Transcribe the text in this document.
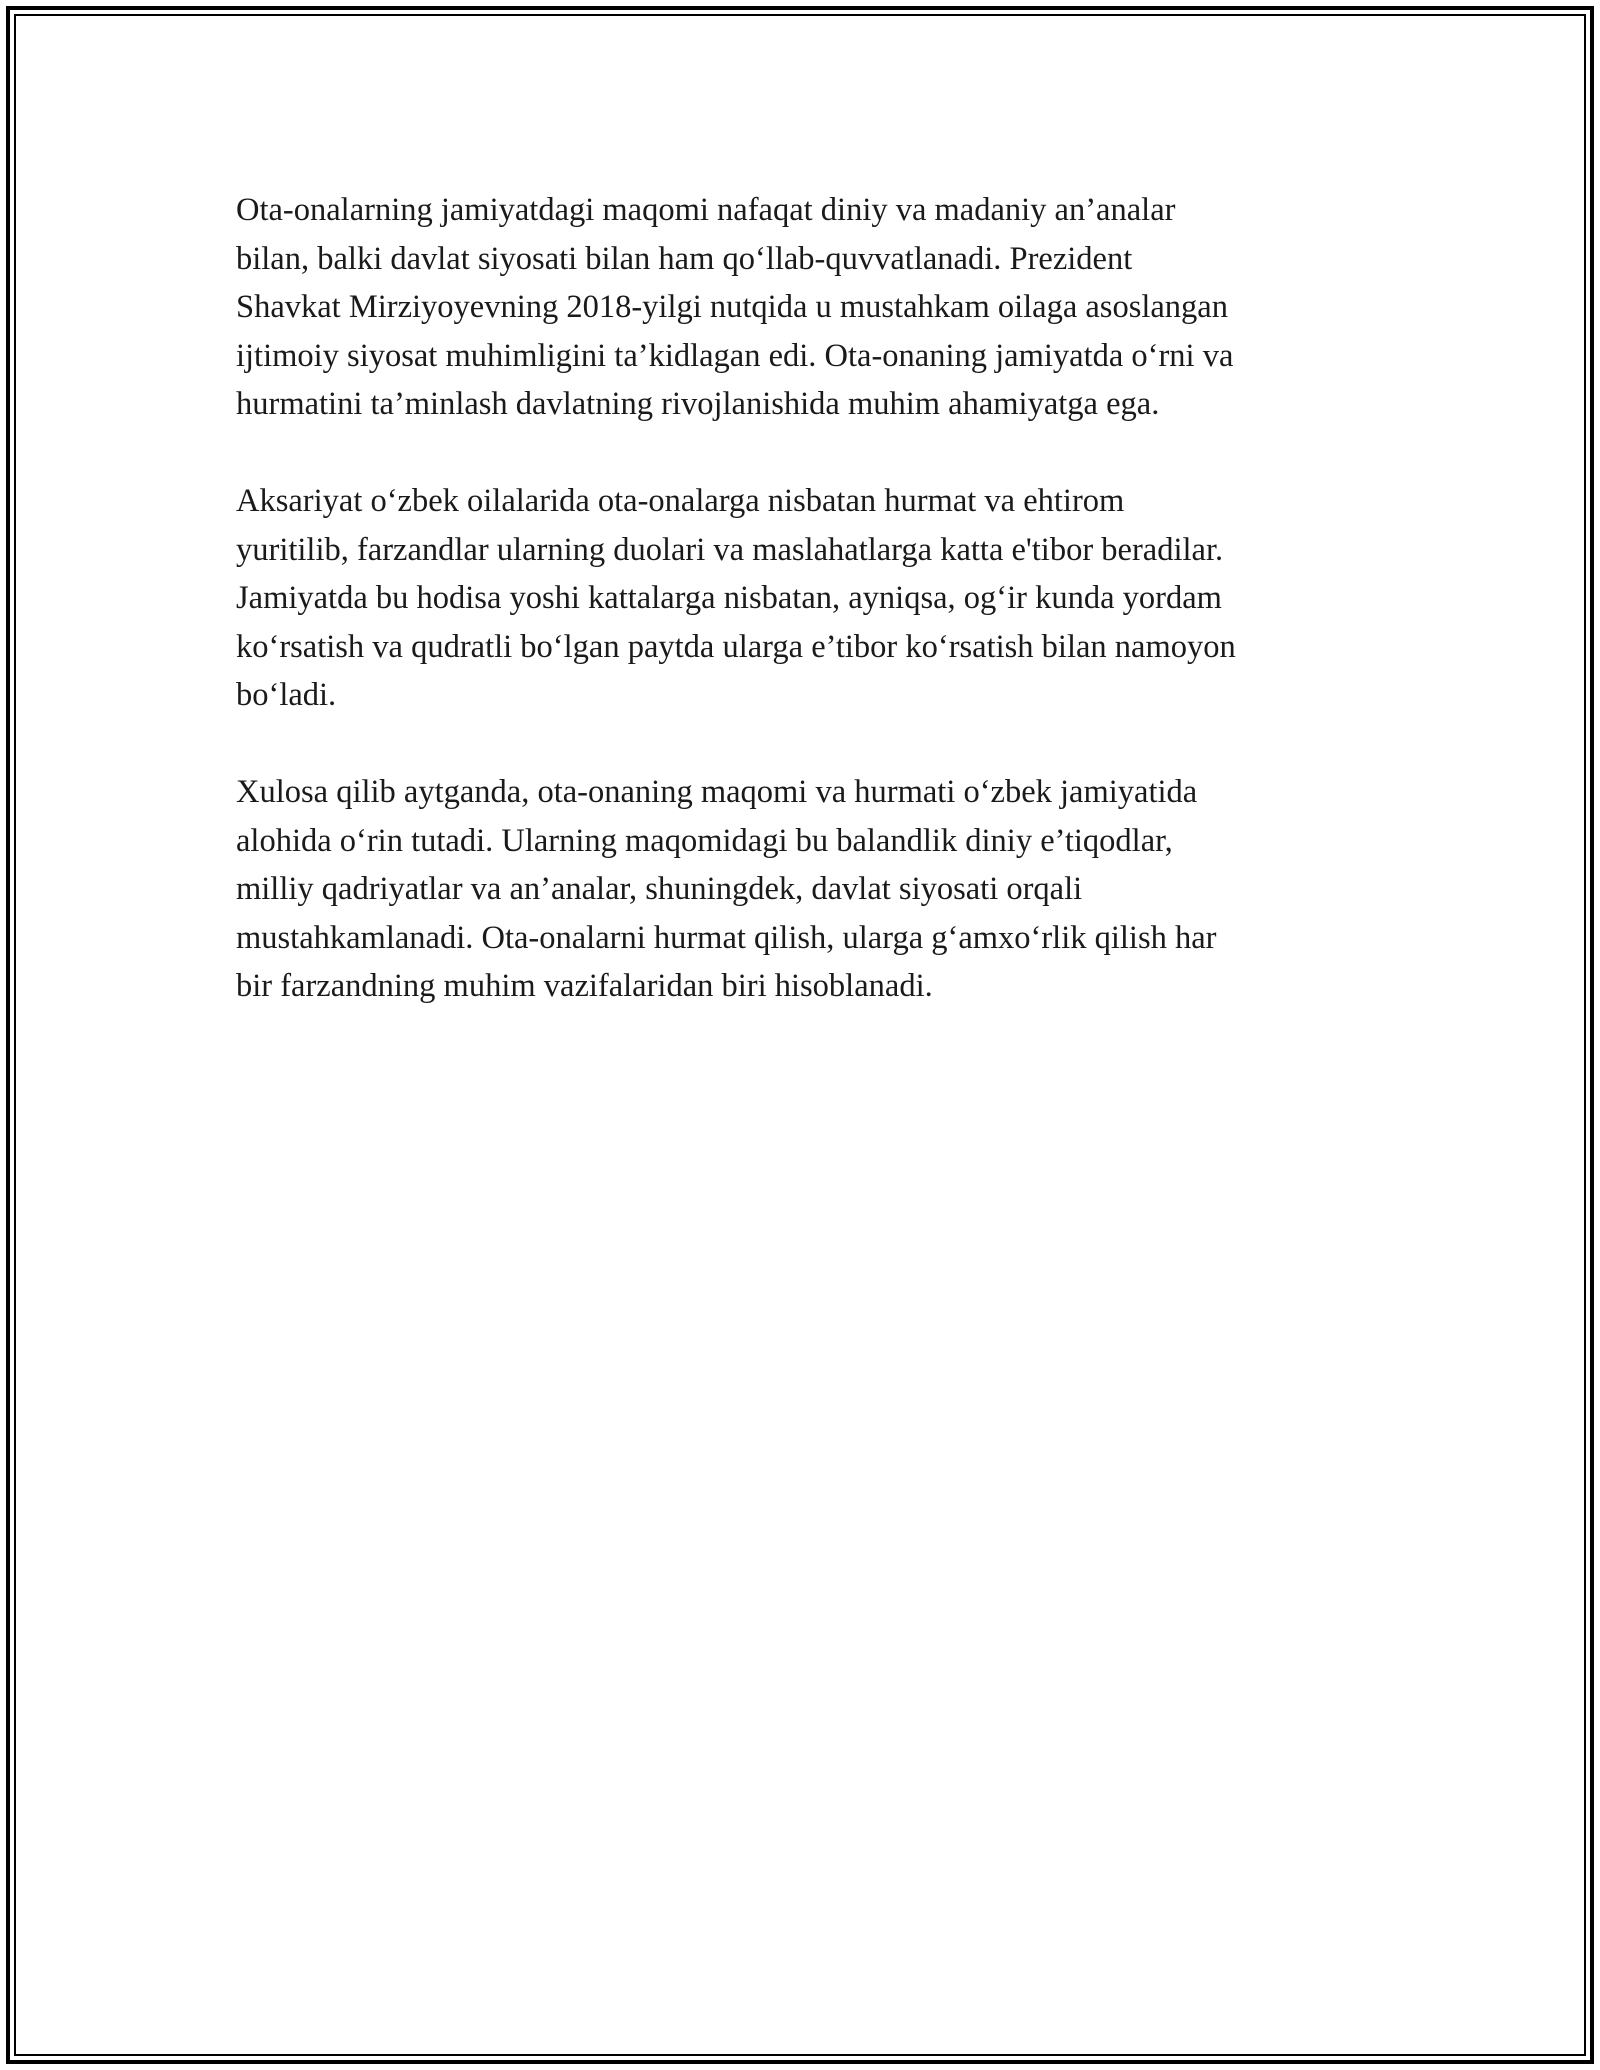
Ota-onalarning jamiyatdagi maqomi nafaqat diniy va madaniy an’analar
bilan, balki davlat siyosati bilan ham qoʻllab-quvvatlanadi. Prezident
Shavkat Mirziyoyevning 2018-yilgi nutqida u mustahkam oilaga asoslangan
ijtimoiy siyosat muhimligini ta’kidlagan edi. Ota-onaning jamiyatda oʻrni va
hurmatini ta’minlash davlatning rivojlanishida muhim ahamiyatga ega.

Aksariyat oʻzbek oilalarida ota-onalarga nisbatan hurmat va ehtirom
yuritilib, farzandlar ularning duolari va maslahatlarga katta e'tibor beradilar.
Jamiyatda bu hodisa yoshi kattalarga nisbatan, ayniqsa, ogʻir kunda yordam
koʻrsatish va qudratli boʻlgan paytda ularga e’tibor koʻrsatish bilan namoyon
boʻladi.

Xulosa qilib aytganda, ota-onaning maqomi va hurmati oʻzbek jamiyatida
alohida oʻrin tutadi. Ularning maqomidagi bu balandlik diniy e’tiqodlar,
milliy qadriyatlar va an’analar, shuningdek, davlat siyosati orqali
mustahkamlanadi. Ota-onalarni hurmat qilish, ularga gʻamxoʻrlik qilish har
bir farzandning muhim vazifalaridan biri hisoblanadi.
